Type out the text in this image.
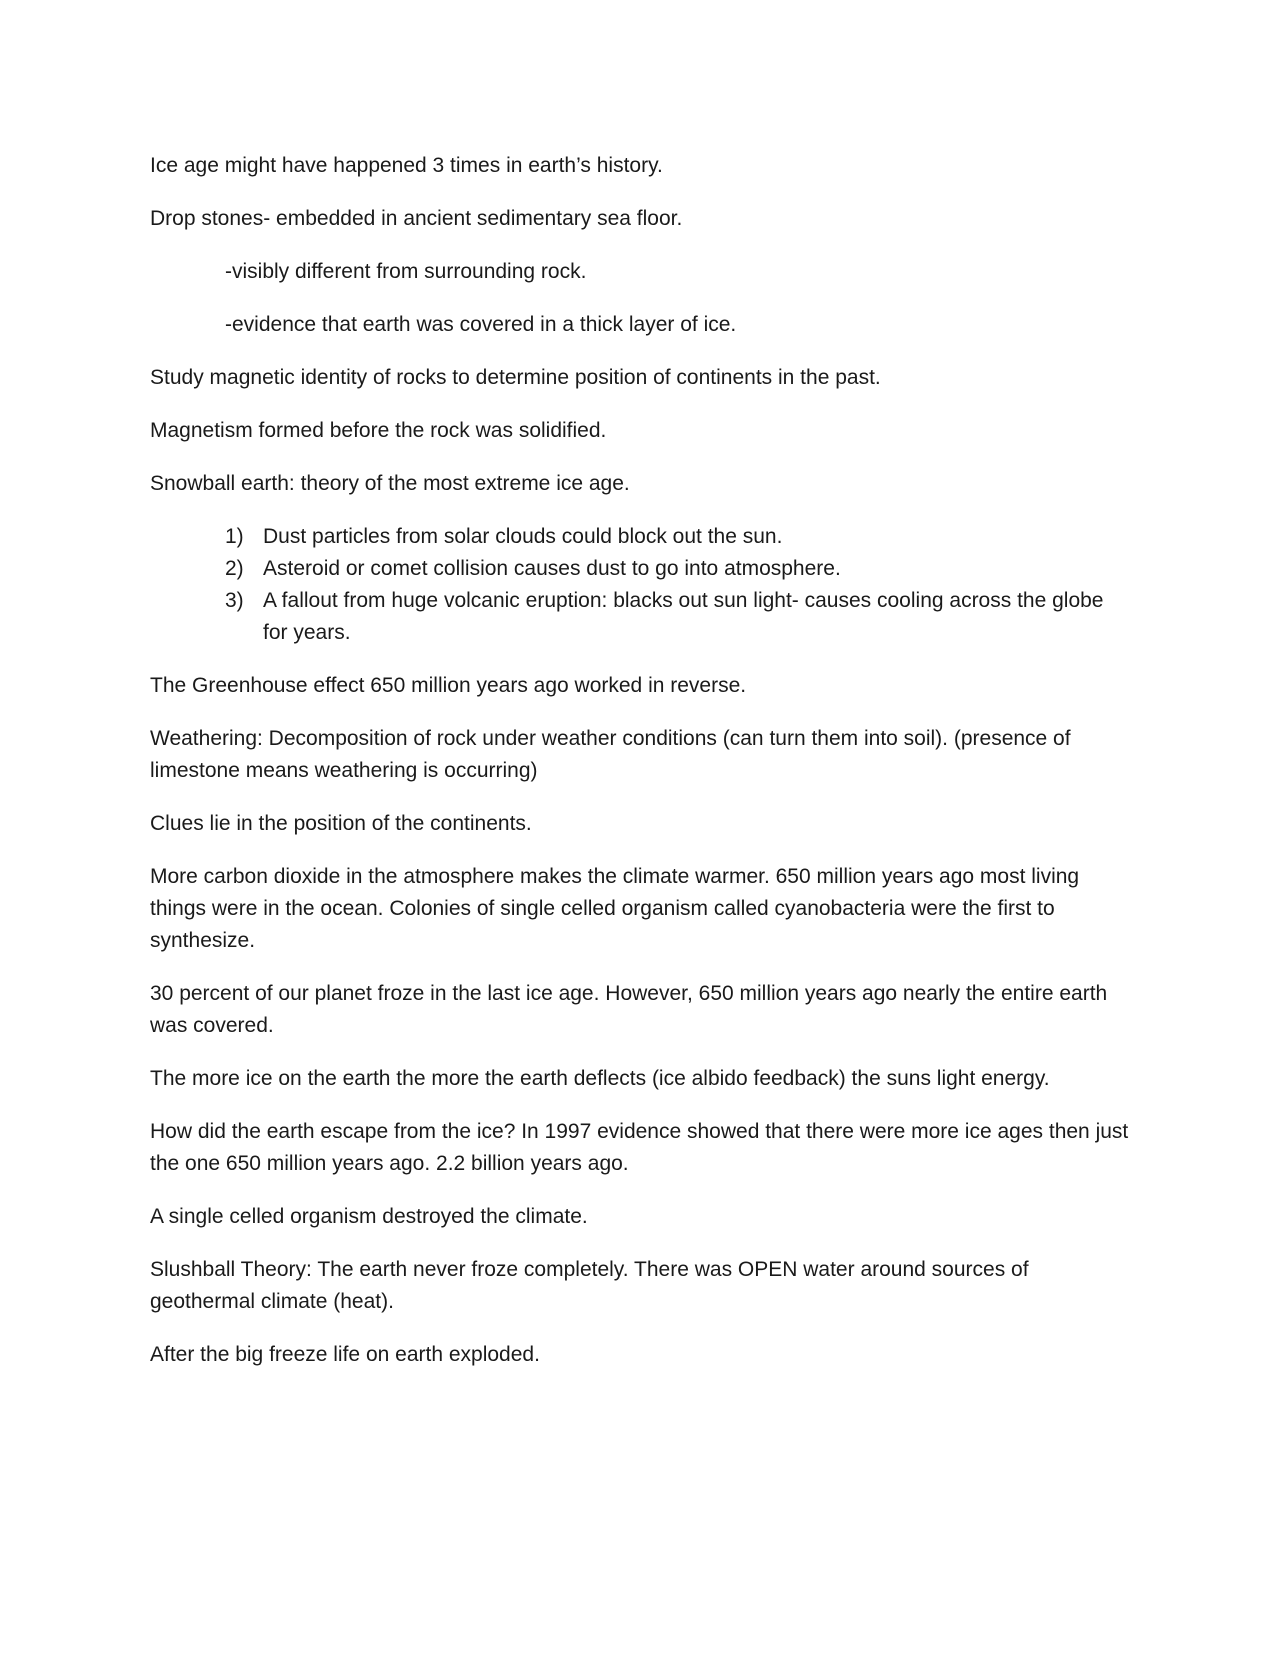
Ice age might have happened 3 times in earth’s history.

Drop stones- embedded in ancient sedimentary sea floor.

-visibly different from surrounding rock.

-evidence that earth was covered in a thick layer of ice.

Study magnetic identity of rocks to determine position of continents in the past.

Magnetism formed before the rock was solidified.

Snowball earth: theory of the most extreme ice age.

1) Dust particles from solar clouds could block out the sun.
2) Asteroid or comet collision causes dust to go into atmosphere.
3) A fallout from huge volcanic eruption: blacks out sun light- causes cooling across the globe for years.

The Greenhouse effect 650 million years ago worked in reverse.

Weathering: Decomposition of rock under weather conditions (can turn them into soil). (presence of limestone means weathering is occurring)

Clues lie in the position of the continents.

More carbon dioxide in the atmosphere makes the climate warmer. 650 million years ago most living things were in the ocean. Colonies of single celled organism called cyanobacteria were the first to synthesize.

30 percent of our planet froze in the last ice age. However, 650 million years ago nearly the entire earth was covered.

The more ice on the earth the more the earth deflects (ice albido feedback) the suns light energy.

How did the earth escape from the ice? In 1997 evidence showed that there were more ice ages then just the one 650 million years ago. 2.2 billion years ago.

A single celled organism destroyed the climate.

Slushball Theory: The earth never froze completely. There was OPEN water around sources of geothermal climate (heat).

After the big freeze life on earth exploded.
